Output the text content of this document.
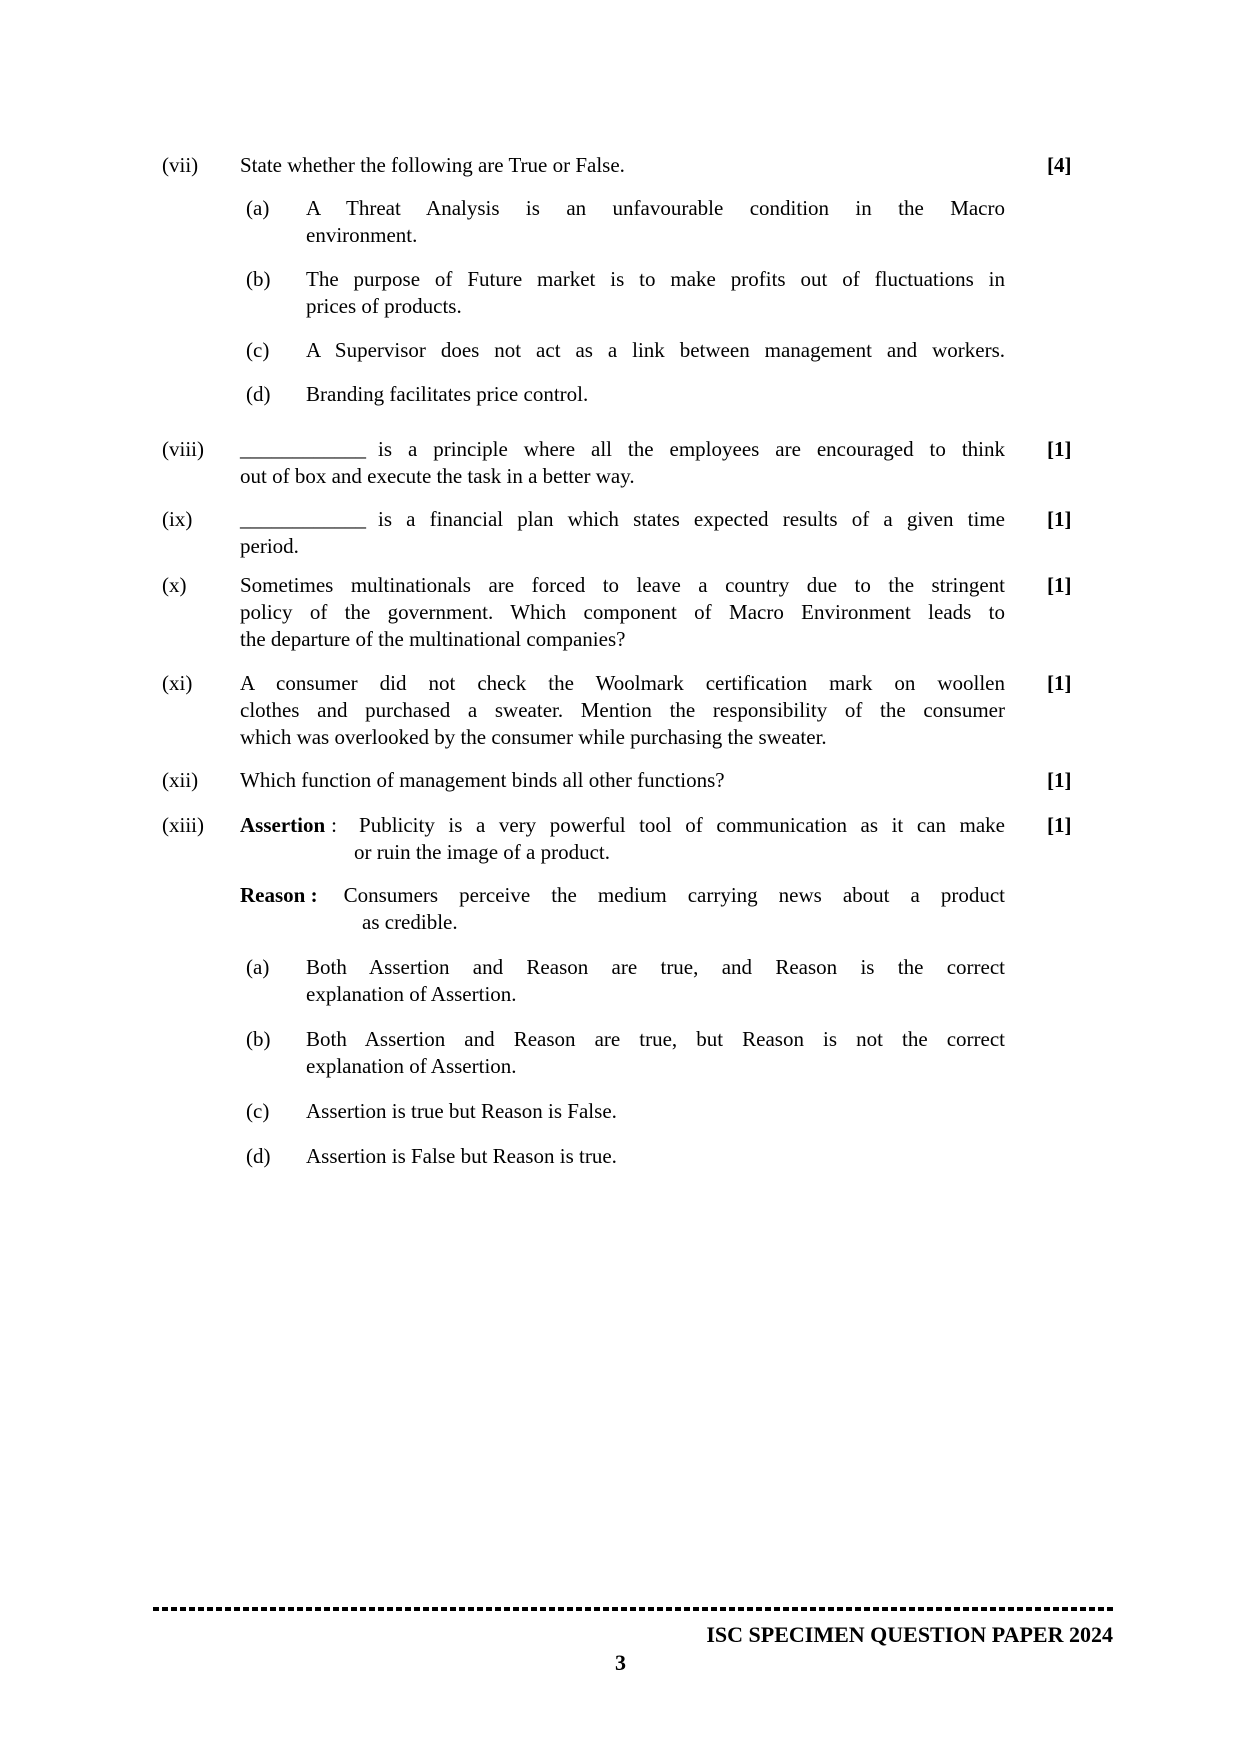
(vii)	State whether the following are True or False.
(a)	A Threat Analysis is an unfavourable condition in the Macro
environment.
(b)	The purpose of Future market is to make profits out of fluctuations in
prices of products.
(c)	A Supervisor does not act as a link between management and workers.
(d)	Branding facilitates price control.
[4]
(viii)	____________ is a principle where all the employees are encouraged to think
out of box and execute the task in a better way.
[1]
(ix)	____________ is a financial plan which states expected results of a given time
period.
[1]
(x)	Sometimes multinationals are forced to leave a country due to the stringent
policy of the government. Which component of Macro Environment leads to
the departure of the multinational companies?
[1]
(xi)	A consumer did not check the Woolmark certification mark on woollen
clothes and purchased a sweater. Mention the responsibility of the consumer
which was overlooked by the consumer while purchasing the sweater.
[1]
(xii)	Which function of management binds all other functions?	[1]
(xiii)	Assertion : Publicity is a very powerful tool of communication as it can make
or ruin the image of a product.
Reason : Consumers perceive the medium carrying news about a product
as credible.
(a)	Both Assertion and Reason are true, and Reason is the correct
explanation of Assertion.
(b)	Both Assertion and Reason are true, but Reason is not the correct
explanation of Assertion.
(c)	Assertion is true but Reason is False.
(d)	Assertion is False but Reason is true.
[1]
ISC SPECIMEN QUESTION PAPER 2024
3
